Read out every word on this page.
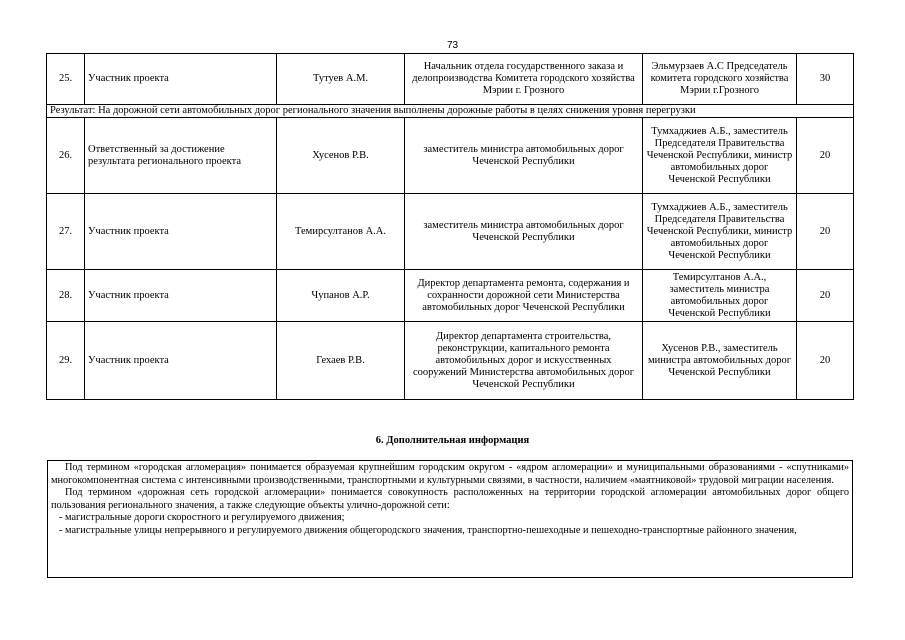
73
25.	Участник проекта	Тутуев А.М.	Начальник отдела государственного заказа и делопроизводства Комитета городского хозяйства Мэрии г. Грозного	Эльмурзаев А.С Председатель комитета городского хозяйства Мэрии г.Грозного	30
Результат: На дорожной сети автомобильных дорог регионального значения выполнены дорожные работы в целях снижения уровня перегрузки					
26.	Ответственный за достижение результата регионального проекта	Хусенов Р.В.	заместитель министра автомобильных дорог Чеченской Республики	Тумхаджиев А.Б., заместитель Председателя Правительства Чеченской Республики, министр автомобильных дорог Чеченской Республики	20
27.	Участник проекта	Темирсултанов А.А.	заместитель министра автомобильных дорог Чеченской Республики	Тумхаджиев А.Б., заместитель Председателя Правительства Чеченской Республики, министр автомобильных дорог Чеченской Республики	20
28.	Участник проекта	Чупанов А.Р.	Директор департамента ремонта, содержания и сохранности дорожной сети Министерства автомобильных дорог Чеченской Республики	Темирсултанов А.А., заместитель министра автомобильных дорог Чеченской Республики	20
29.	Участник проекта	Гехаев Р.В.	Директор департамента строительства, реконструкции, капитального ремонта автомобильных дорог и искусственных сооружений Министерства автомобильных дорог Чеченской Республики	Хусенов Р.В., заместитель министра автомобильных дорог Чеченской Республики	20
6. Дополнительная информация

Под термином «городская агломерация» понимается образуемая крупнейшим городским округом - «ядром агломерации» и муниципальными образованиями - «спутниками» многокомпонентная система с интенсивными производственными, транспортными и культурными связями, в частности, наличием «маятниковой» трудовой миграции населения.

Под термином «дорожная сеть городской агломерации» понимается совокупность расположенных на территории городской агломерации автомобильных дорог общего пользования регионального значения, а также следующие объекты улично-дорожной сети:

- магистральные дороги скоростного и регулируемого движения;

- магистральные улицы непрерывного и регулируемого движения общегородского значения, транспортно-пешеходные и пешеходно-транспортные районного значения,
